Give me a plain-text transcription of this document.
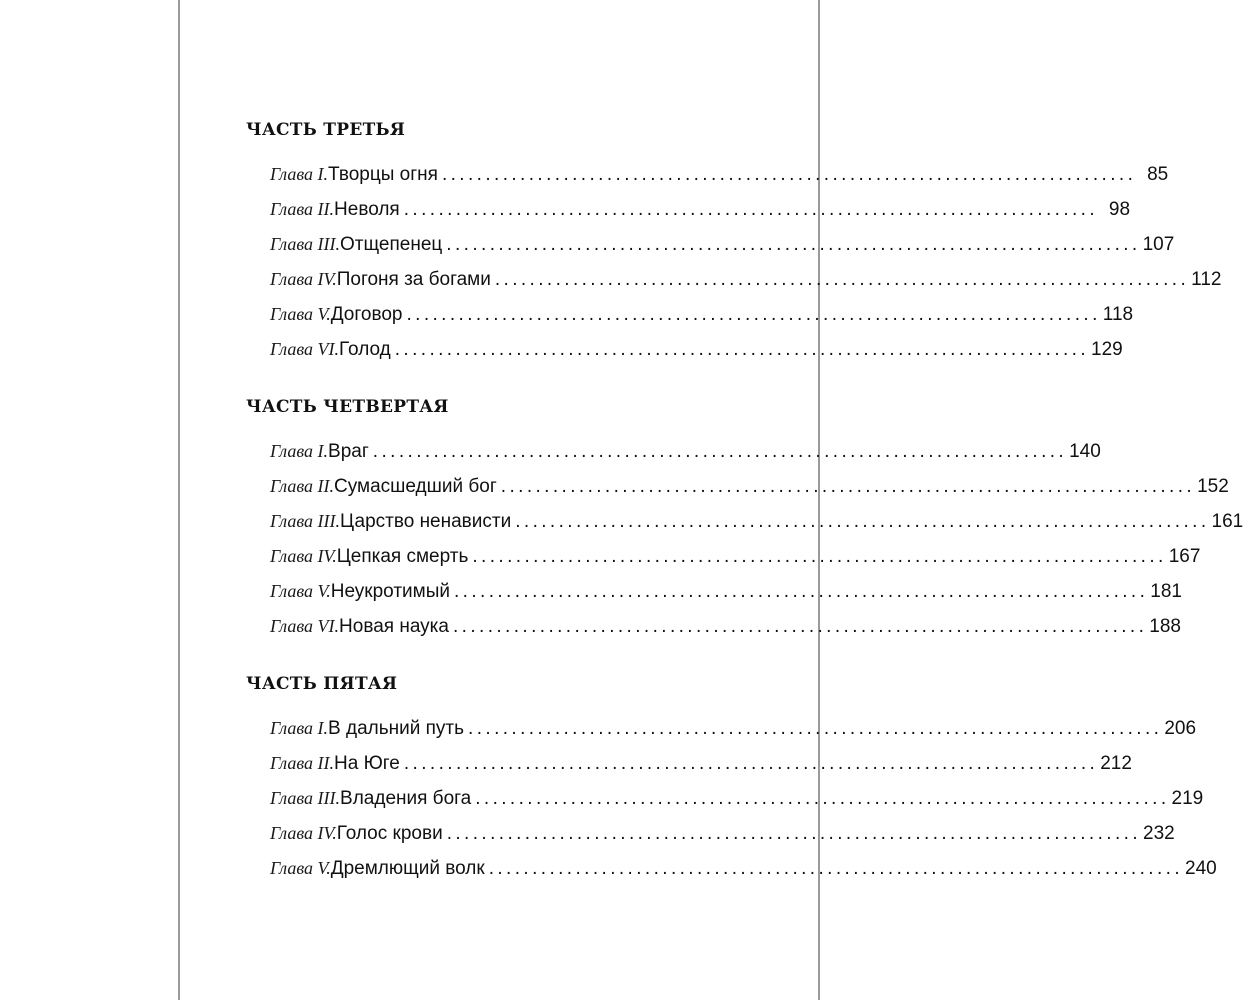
ЧАСТЬ ТРЕТЬЯ
Глава I. Творцы огня ................................................................................ 85
Глава II. Неволя ................................................................................ 98
Глава III. Отщепенец ................................................................................ 107
Глава IV. Погоня за богами ................................................................................ 112
Глава V. Договор ................................................................................ 118
Глава VI. Голод ................................................................................ 129
ЧАСТЬ ЧЕТВЕРТАЯ
Глава I. Враг ................................................................................ 140
Глава II. Сумасшедший бог ................................................................................ 152
Глава III. Царство ненависти ................................................................................ 161
Глава IV. Цепкая смерть ................................................................................ 167
Глава V. Неукротимый ................................................................................ 181
Глава VI. Новая наука ................................................................................ 188
ЧАСТЬ ПЯТАЯ
Глава I. В дальний путь ................................................................................ 206
Глава II. На Юге ................................................................................ 212
Глава III. Владения бога ................................................................................ 219
Глава IV. Голос крови ................................................................................ 232
Глава V. Дремлющий волк ................................................................................ 240
